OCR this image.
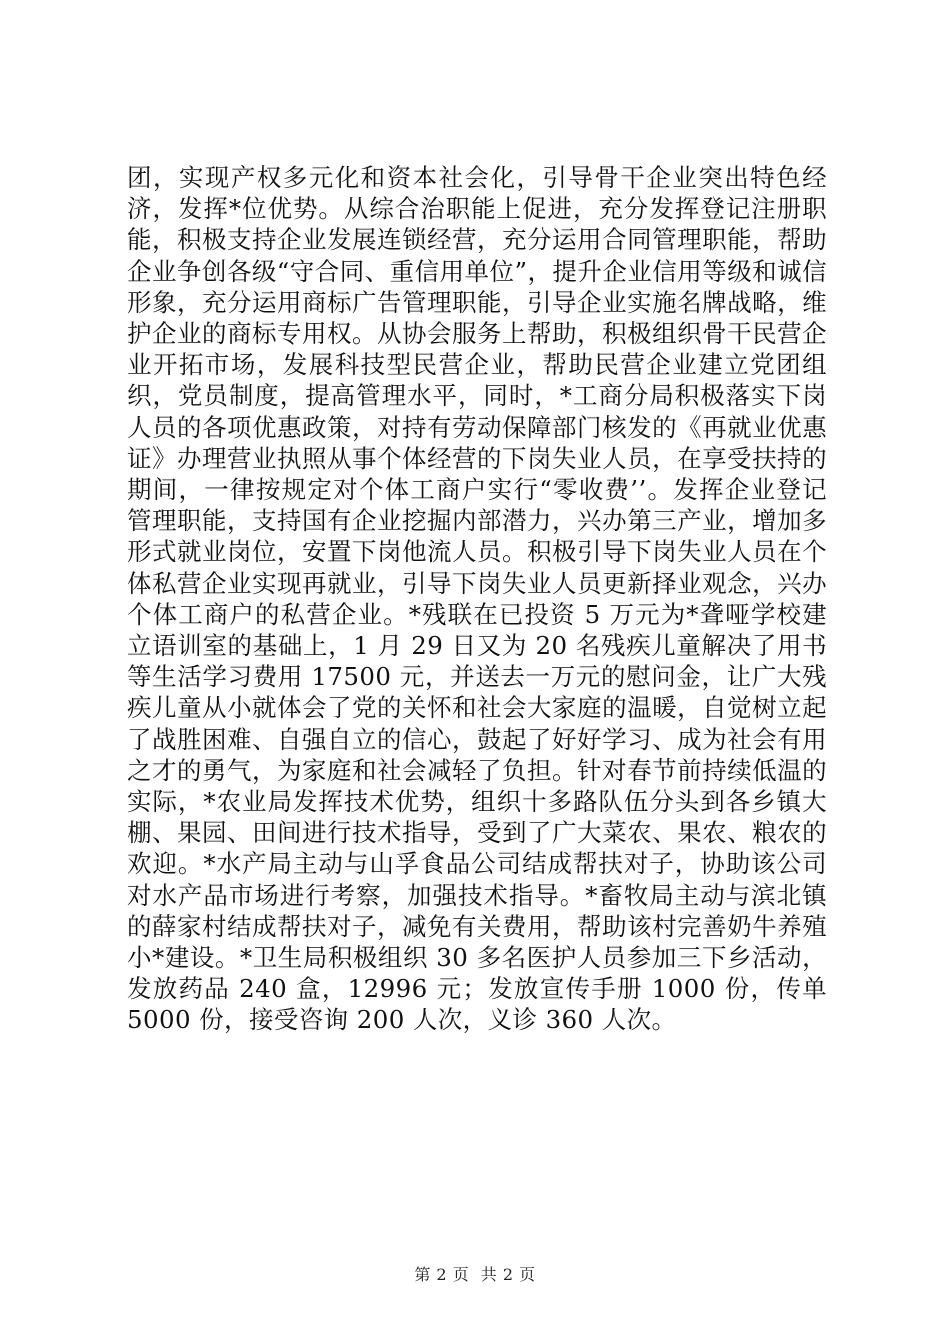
团，实现产权多元化和资本社会化，引导骨干企业突出特色经济，发挥*位优势。从综合治职能上促进，充分发挥登记注册职能，积极支持企业发展连锁经营，充分运用合同管理职能，帮助企业争创各级“守合同、重信用单位”，提升企业信用等级和诚信形象，充分运用商标广告管理职能，引导企业实施名牌战略，维护企业的商标专用权。从协会服务上帮助，积极组织骨干民营企业开拓市场，发展科技型民营企业，帮助民营企业建立党团组织，党员制度，提高管理水平，同时，*工商分局积极落实下岗人员的各项优惠政策，对持有劳动保障部门核发的《再就业优惠证》办理营业执照从事个体经营的下岗失业人员，在享受扶持的期间，一律按规定对个体工商户实行“零收费’’。发挥企业登记管理职能，支持国有企业挖掘内部潜力，兴办第三产业，增加多形式就业岗位，安置下岗他流人员。积极引导下岗失业人员在个体私营企业实现再就业，引导下岗失业人员更新择业观念，兴办个体工商户的私营企业。*残联在已投资 5 万元为*聋哑学校建立语训室的基础上，1 月 29 日又为 20 名残疾儿童解决了用书等生活学习费用 17500 元，并送去一万元的慰问金，让广大残疾儿童从小就体会了党的关怀和社会大家庭的温暖，自觉树立起了战胜困难、自强自立的信心，鼓起了好好学习、成为社会有用之才的勇气，为家庭和社会减轻了负担。针对春节前持续低温的实际，*农业局发挥技术优势，组织十多路队伍分头到各乡镇大棚、果园、田间进行技术指导，受到了广大菜农、果农、粮农的欢迎。*水产局主动与山孚食品公司结成帮扶对子，协助该公司对水产品市场进行考察，加强技术指导。*畜牧局主动与滨北镇的薛家村结成帮扶对子，减免有关费用，帮助该村完善奶牛养殖小*建设。*卫生局积极组织 30 多名医护人员参加三下乡活动，发放药品 240 盒，12996 元；发放宣传手册 1000 份，传单 5000 份，接受咨询 200 人次，义诊 360 人次。

第 2 页 共 2 页
